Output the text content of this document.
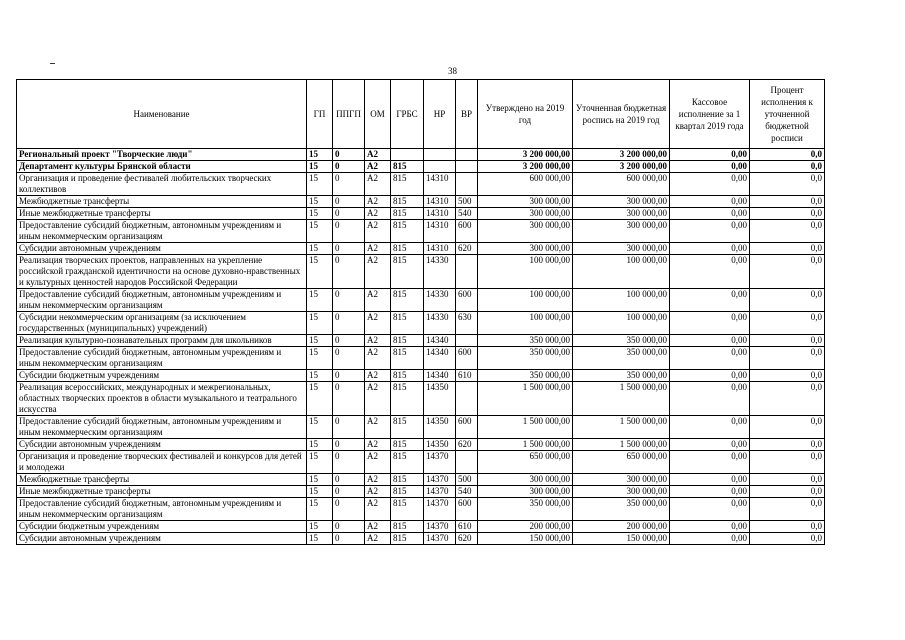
38
Наименование	ГП	ППГП	ОМ	ГРБС	НР	ВР	Утверждено на 2019 год	Уточненная бюджетная роспись на 2019 год	Кассовое исполнение за 1 квартал 2019 года	Процент исполнения к уточненной бюджетной росписи
Региональный проект "Творческие люди"	15	0	А2				3 200 000,00	3 200 000,00	0,00	0,0
Департамент культуры Брянской области	15	0	А2	815			3 200 000,00	3 200 000,00	0,00	0,0
Организация и проведение фестивалей любительских творческих коллективов	15	0	А2	815	14310		600 000,00	600 000,00	0,00	0,0
Межбюджетные трансферты	15	0	А2	815	14310	500	300 000,00	300 000,00	0,00	0,0
Иные межбюджетные трансферты	15	0	А2	815	14310	540	300 000,00	300 000,00	0,00	0,0
Предоставление субсидий бюджетным, автономным учреждениям и иным некоммерческим организациям	15	0	А2	815	14310	600	300 000,00	300 000,00	0,00	0,0
Субсидии автономным учреждениям	15	0	А2	815	14310	620	300 000,00	300 000,00	0,00	0,0
Реализация творческих проектов, направленных на укрепление российской гражданской идентичности на основе духовно-нравственных и культурных ценностей народов Российской Федерации	15	0	А2	815	14330		100 000,00	100 000,00	0,00	0,0
Предоставление субсидий бюджетным, автономным учреждениям и иным некоммерческим организациям	15	0	А2	815	14330	600	100 000,00	100 000,00	0,00	0,0
Субсидии некоммерческим организациям (за исключением государственных (муниципальных) учреждений)	15	0	А2	815	14330	630	100 000,00	100 000,00	0,00	0,0
Реализация культурно-познавательных программ для школьников	15	0	А2	815	14340		350 000,00	350 000,00	0,00	0,0
Предоставление субсидий бюджетным, автономным учреждениям и иным некоммерческим организациям	15	0	А2	815	14340	600	350 000,00	350 000,00	0,00	0,0
Субсидии бюджетным учреждениям	15	0	А2	815	14340	610	350 000,00	350 000,00	0,00	0,0
Реализация всероссийских, международных и межрегиональных, областных творческих проектов в области музыкального и театрального искусства	15	0	А2	815	14350		1 500 000,00	1 500 000,00	0,00	0,0
Предоставление субсидий бюджетным, автономным учреждениям и иным некоммерческим организациям	15	0	А2	815	14350	600	1 500 000,00	1 500 000,00	0,00	0,0
Субсидии автономным учреждениям	15	0	А2	815	14350	620	1 500 000,00	1 500 000,00	0,00	0,0
Организация и проведение творческих фестивалей и конкурсов для детей и молодежи	15	0	А2	815	14370		650 000,00	650 000,00	0,00	0,0
Межбюджетные трансферты	15	0	А2	815	14370	500	300 000,00	300 000,00	0,00	0,0
Иные межбюджетные трансферты	15	0	А2	815	14370	540	300 000,00	300 000,00	0,00	0,0
Предоставление субсидий бюджетным, автономным учреждениям и иным некоммерческим организациям	15	0	А2	815	14370	600	350 000,00	350 000,00	0,00	0,0
Субсидии бюджетным учреждениям	15	0	А2	815	14370	610	200 000,00	200 000,00	0,00	0,0
Субсидии автономным учреждениям	15	0	А2	815	14370	620	150 000,00	150 000,00	0,00	0,0
